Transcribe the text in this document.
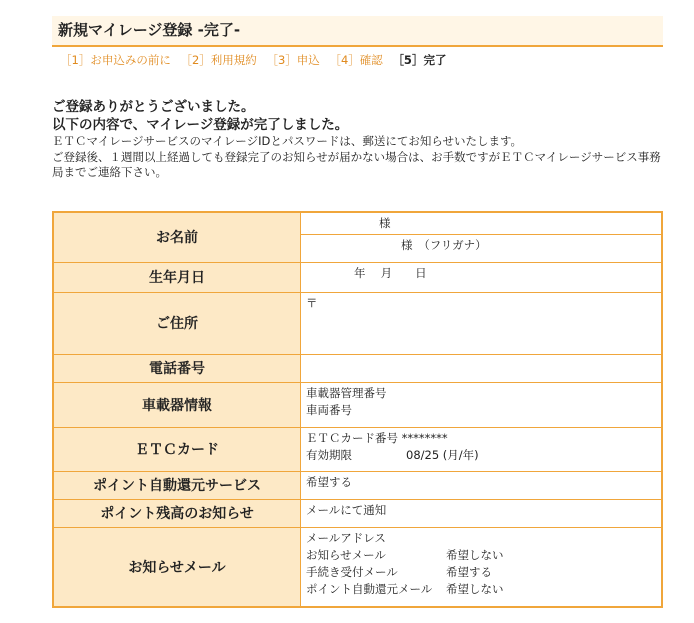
新規マイレージ登録 -完了-
［1］お申込みの前に ［2］利用規約 ［3］申込 ［4］確認 ［5］完了

ご登録ありがとうございました。

以下の内容で、マイレージ登録が完了しました。

ＥＴＣマイレージサービスのマイレージIDとパスワードは、郵送にてお知らせいたします。

ご登録後、１週間以上経過しても登録完了のお知らせが届かない場合は、お手数ですがＥＴＣマイレージサービス事務局までご連絡下さい。

お名前	様
様　（フリガナ）

生年月日	年　 月　　日
ご住所	〒
電話番号	
車載器情報	車載器管理番号
車両番号

ＥＴＣカード	ＥＴＣカード番号 ********
有効期限 08/25 (月/年)

ポイント自動還元サービス	希望する
ポイント残高のお知らせ	メールにて通知
お知らせメール	メールアドレス
お知らせメール 希望しない
手続き受付メール 希望する
ポイント自動還元メール 希望しない
